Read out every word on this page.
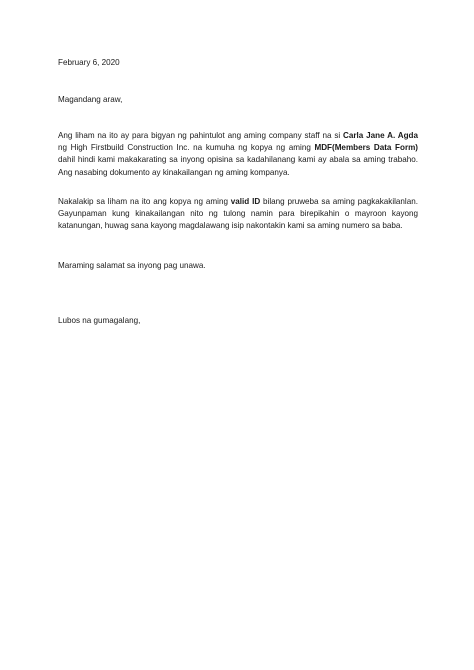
February 6, 2020

Magandang araw,

Ang liham na ito ay para bigyan ng pahintulot ang aming company staff na si Carla Jane A. Agda ng High Firstbuild Construction Inc. na kumuha ng kopya ng aming MDF(Members Data Form) dahil hindi kami makakarating sa inyong opisina sa kadahilanang kami ay abala sa aming trabaho. Ang nasabing dokumento ay kinakailangan ng aming kompanya.

Nakalakip sa liham na ito ang kopya ng aming valid ID bilang pruweba sa aming pagkakakilanlan. Gayunpaman kung kinakailangan nito ng tulong namin para birepikahin o mayroon kayong katanungan, huwag sana kayong magdalawang isip nakontakin kami sa aming numero sa baba.

Maraming salamat sa inyong pag unawa.

Lubos na gumagalang,
